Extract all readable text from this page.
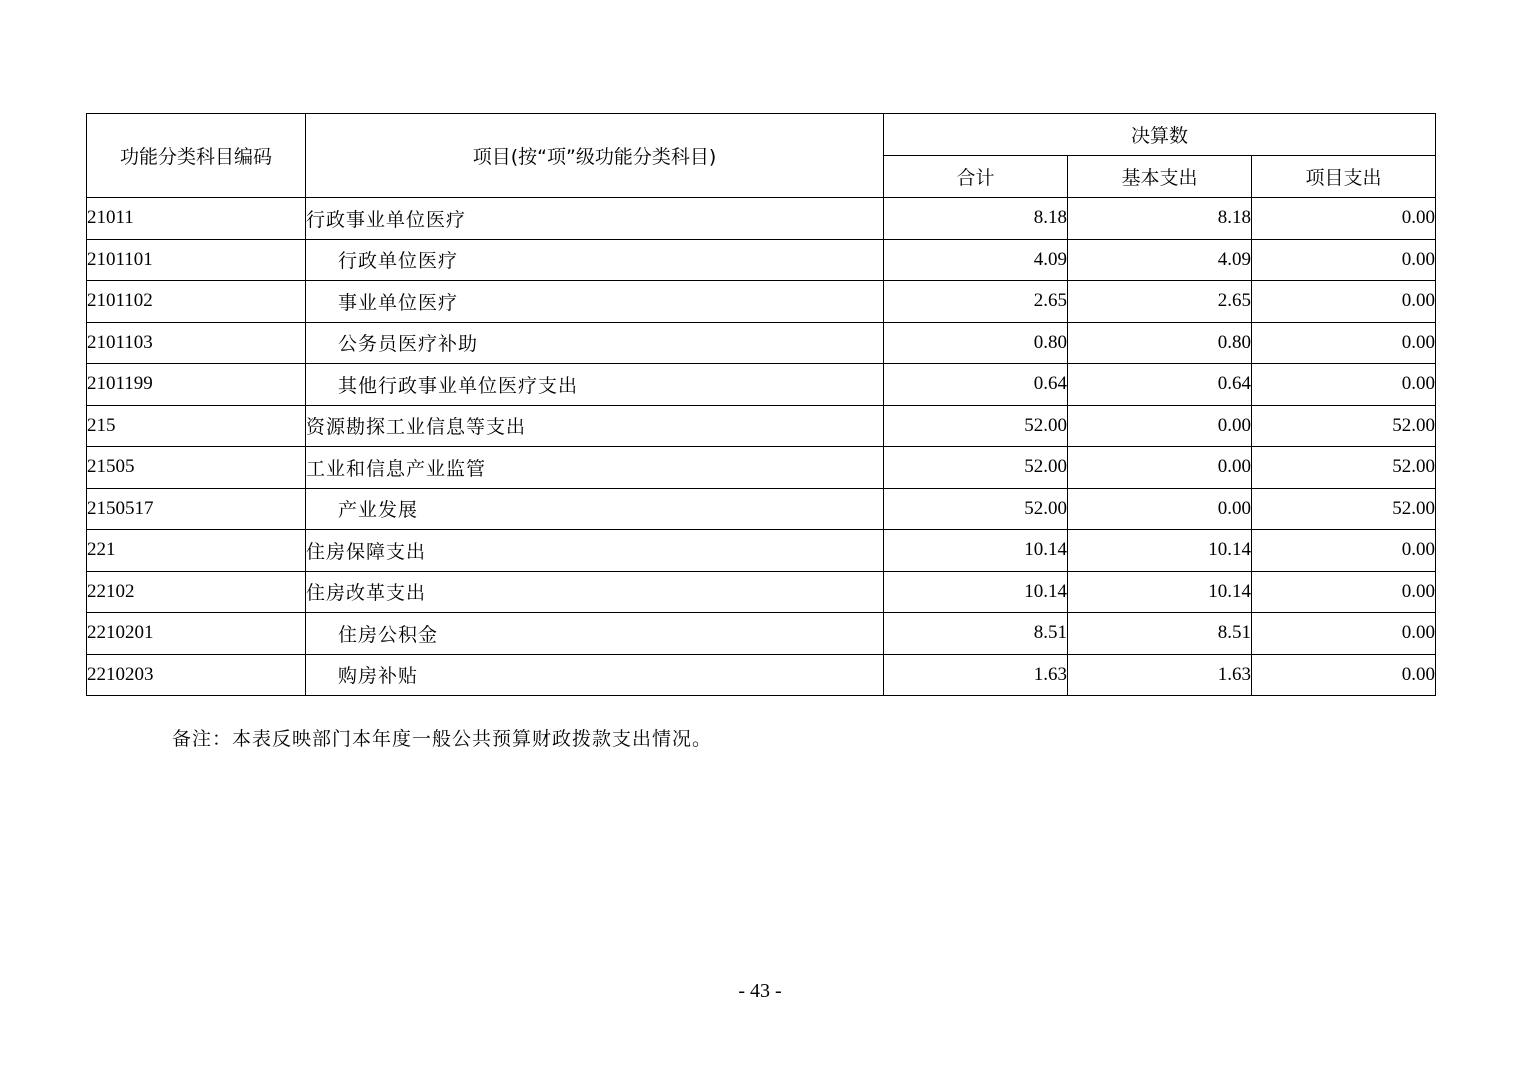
功能分类科目编码	项目(按“项”级功能分类科目)	决算数		
		合计	基本支出	项目支出
21011	行政事业单位医疗	8.18	8.18	0.00
2101101	行政单位医疗	4.09	4.09	0.00
2101102	事业单位医疗	2.65	2.65	0.00
2101103	公务员医疗补助	0.80	0.80	0.00
2101199	其他行政事业单位医疗支出	0.64	0.64	0.00
215	资源勘探工业信息等支出	52.00	0.00	52.00
21505	工业和信息产业监管	52.00	0.00	52.00
2150517	产业发展	52.00	0.00	52.00
221	住房保障支出	10.14	10.14	0.00
22102	住房改革支出	10.14	10.14	0.00
2210201	住房公积金	8.51	8.51	0.00
2210203	购房补贴	1.63	1.63	0.00
备注：本表反映部门本年度一般公共预算财政拨款支出情况。
- 43 -
